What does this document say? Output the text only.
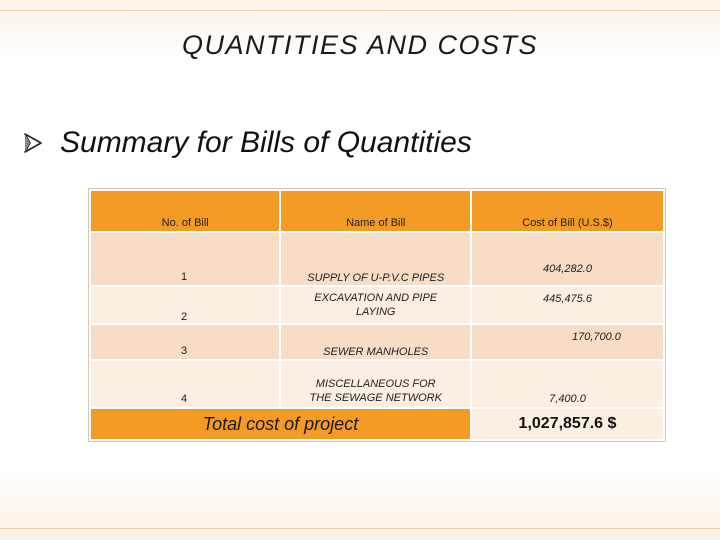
QUANTITIES AND COSTS
Summary for Bills of Quantities
No. of Bill	Name of Bill	Cost of Bill (U.S.$)

1	SUPPLY OF U-P.V.C PIPES	404,282.0

2	EXCAVATION AND PIPE LAYING	445,475.6

3	SEWER MANHOLES	170,700.0

4	MISCELLANEOUS FOR THE SEWAGE NETWORK	7,400.0

Total cost of project		1,027,857.6 $
